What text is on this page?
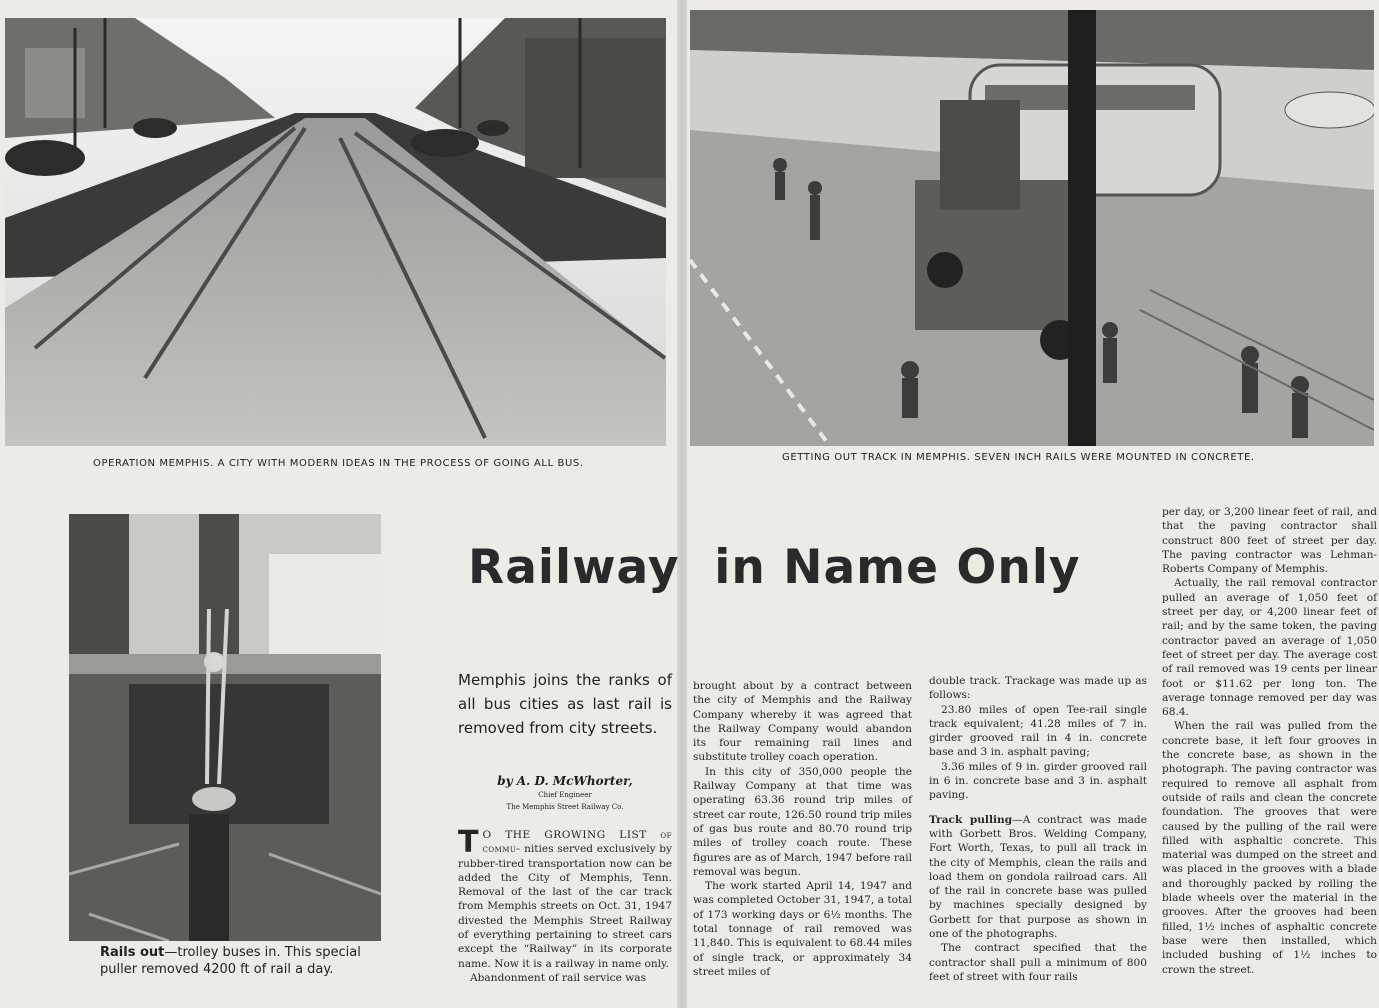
OPERATION MEMPHIS. A CITY WITH MODERN IDEAS IN THE PROCESS OF GOING ALL BUS.
GETTING OUT TRACK IN MEMPHIS. SEVEN INCH RAILS WERE MOUNTED IN CONCRETE.
Rails out—trolley buses in. This special puller removed 4200 ft of rail a day.
Railway in Name Only
Memphis joins the ranks of all bus cities as last rail is removed from city streets.
by A. D. McWhorter,
Chief Engineer
The Memphis Street Railway Co.

T O THE GROWING LIST of commu- nities served exclusively by rubber-tired transportation now can be added the City of Memphis, Tenn. Removal of the last of the car track from Memphis streets on Oct. 31, 1947 divested the Memphis Street Railway of everything pertaining to street cars except the “Railway” in its corporate name. Now it is a railway in name only.

Abandonment of rail service was

brought about by a contract between the city of Memphis and the Railway Company whereby it was agreed that the Railway Company would abandon its four remaining rail lines and substitute trolley coach operation.

In this city of 350,000 people the Railway Company at that time was operating 63.36 round trip miles of street car route, 126.50 round trip miles of gas bus route and 80.70 round trip miles of trolley coach route. These figures are as of March, 1947 before rail removal was begun.

The work started April 14, 1947 and was completed October 31, 1947, a total of 173 working days or 6½ months. The total tonnage of rail removed was 11,840. This is equivalent to 68.44 miles of single track, or approximately 34 street miles of

double track. Trackage was made up as follows:

23.80 miles of open Tee-rail single track equivalent; 41.28 miles of 7 in. girder grooved rail in 4 in. concrete base and 3 in. asphalt paving;

3.36 miles of 9 in. girder grooved rail in 6 in. concrete base and 3 in. asphalt paving.

Track pulling—A contract was made with Gorbett Bros. Welding Company, Fort Worth, Texas, to pull all track in the city of Memphis, clean the rails and load them on gondola railroad cars. All of the rail in concrete base was pulled by machines specially designed by Gorbett for that purpose as shown in one of the photographs.

The contract specified that the contractor shall pull a minimum of 800 feet of street with four rails

per day, or 3,200 linear feet of rail, and that the paving contractor shall construct 800 feet of street per day. The paving contractor was Lehman-Roberts Company of Memphis.

Actually, the rail removal contractor pulled an average of 1,050 feet of street per day, or 4,200 linear feet of rail; and by the same token, the paving contractor paved an average of 1,050 feet of street per day. The average cost of rail removed was 19 cents per linear foot or $11.62 per long ton. The average tonnage removed per day was 68.4.

When the rail was pulled from the concrete base, it left four grooves in the concrete base, as shown in the photograph. The paving contractor was required to remove all asphalt from outside of rails and clean the concrete foundation. The grooves that were caused by the pulling of the rail were filled with asphaltic concrete. This material was dumped on the street and was placed in the grooves with a blade and thoroughly packed by rolling the blade wheels over the material in the grooves. After the grooves had been filled, 1½ inches of asphaltic concrete base were then installed, which included bushing of 1½ inches to crown the street.
